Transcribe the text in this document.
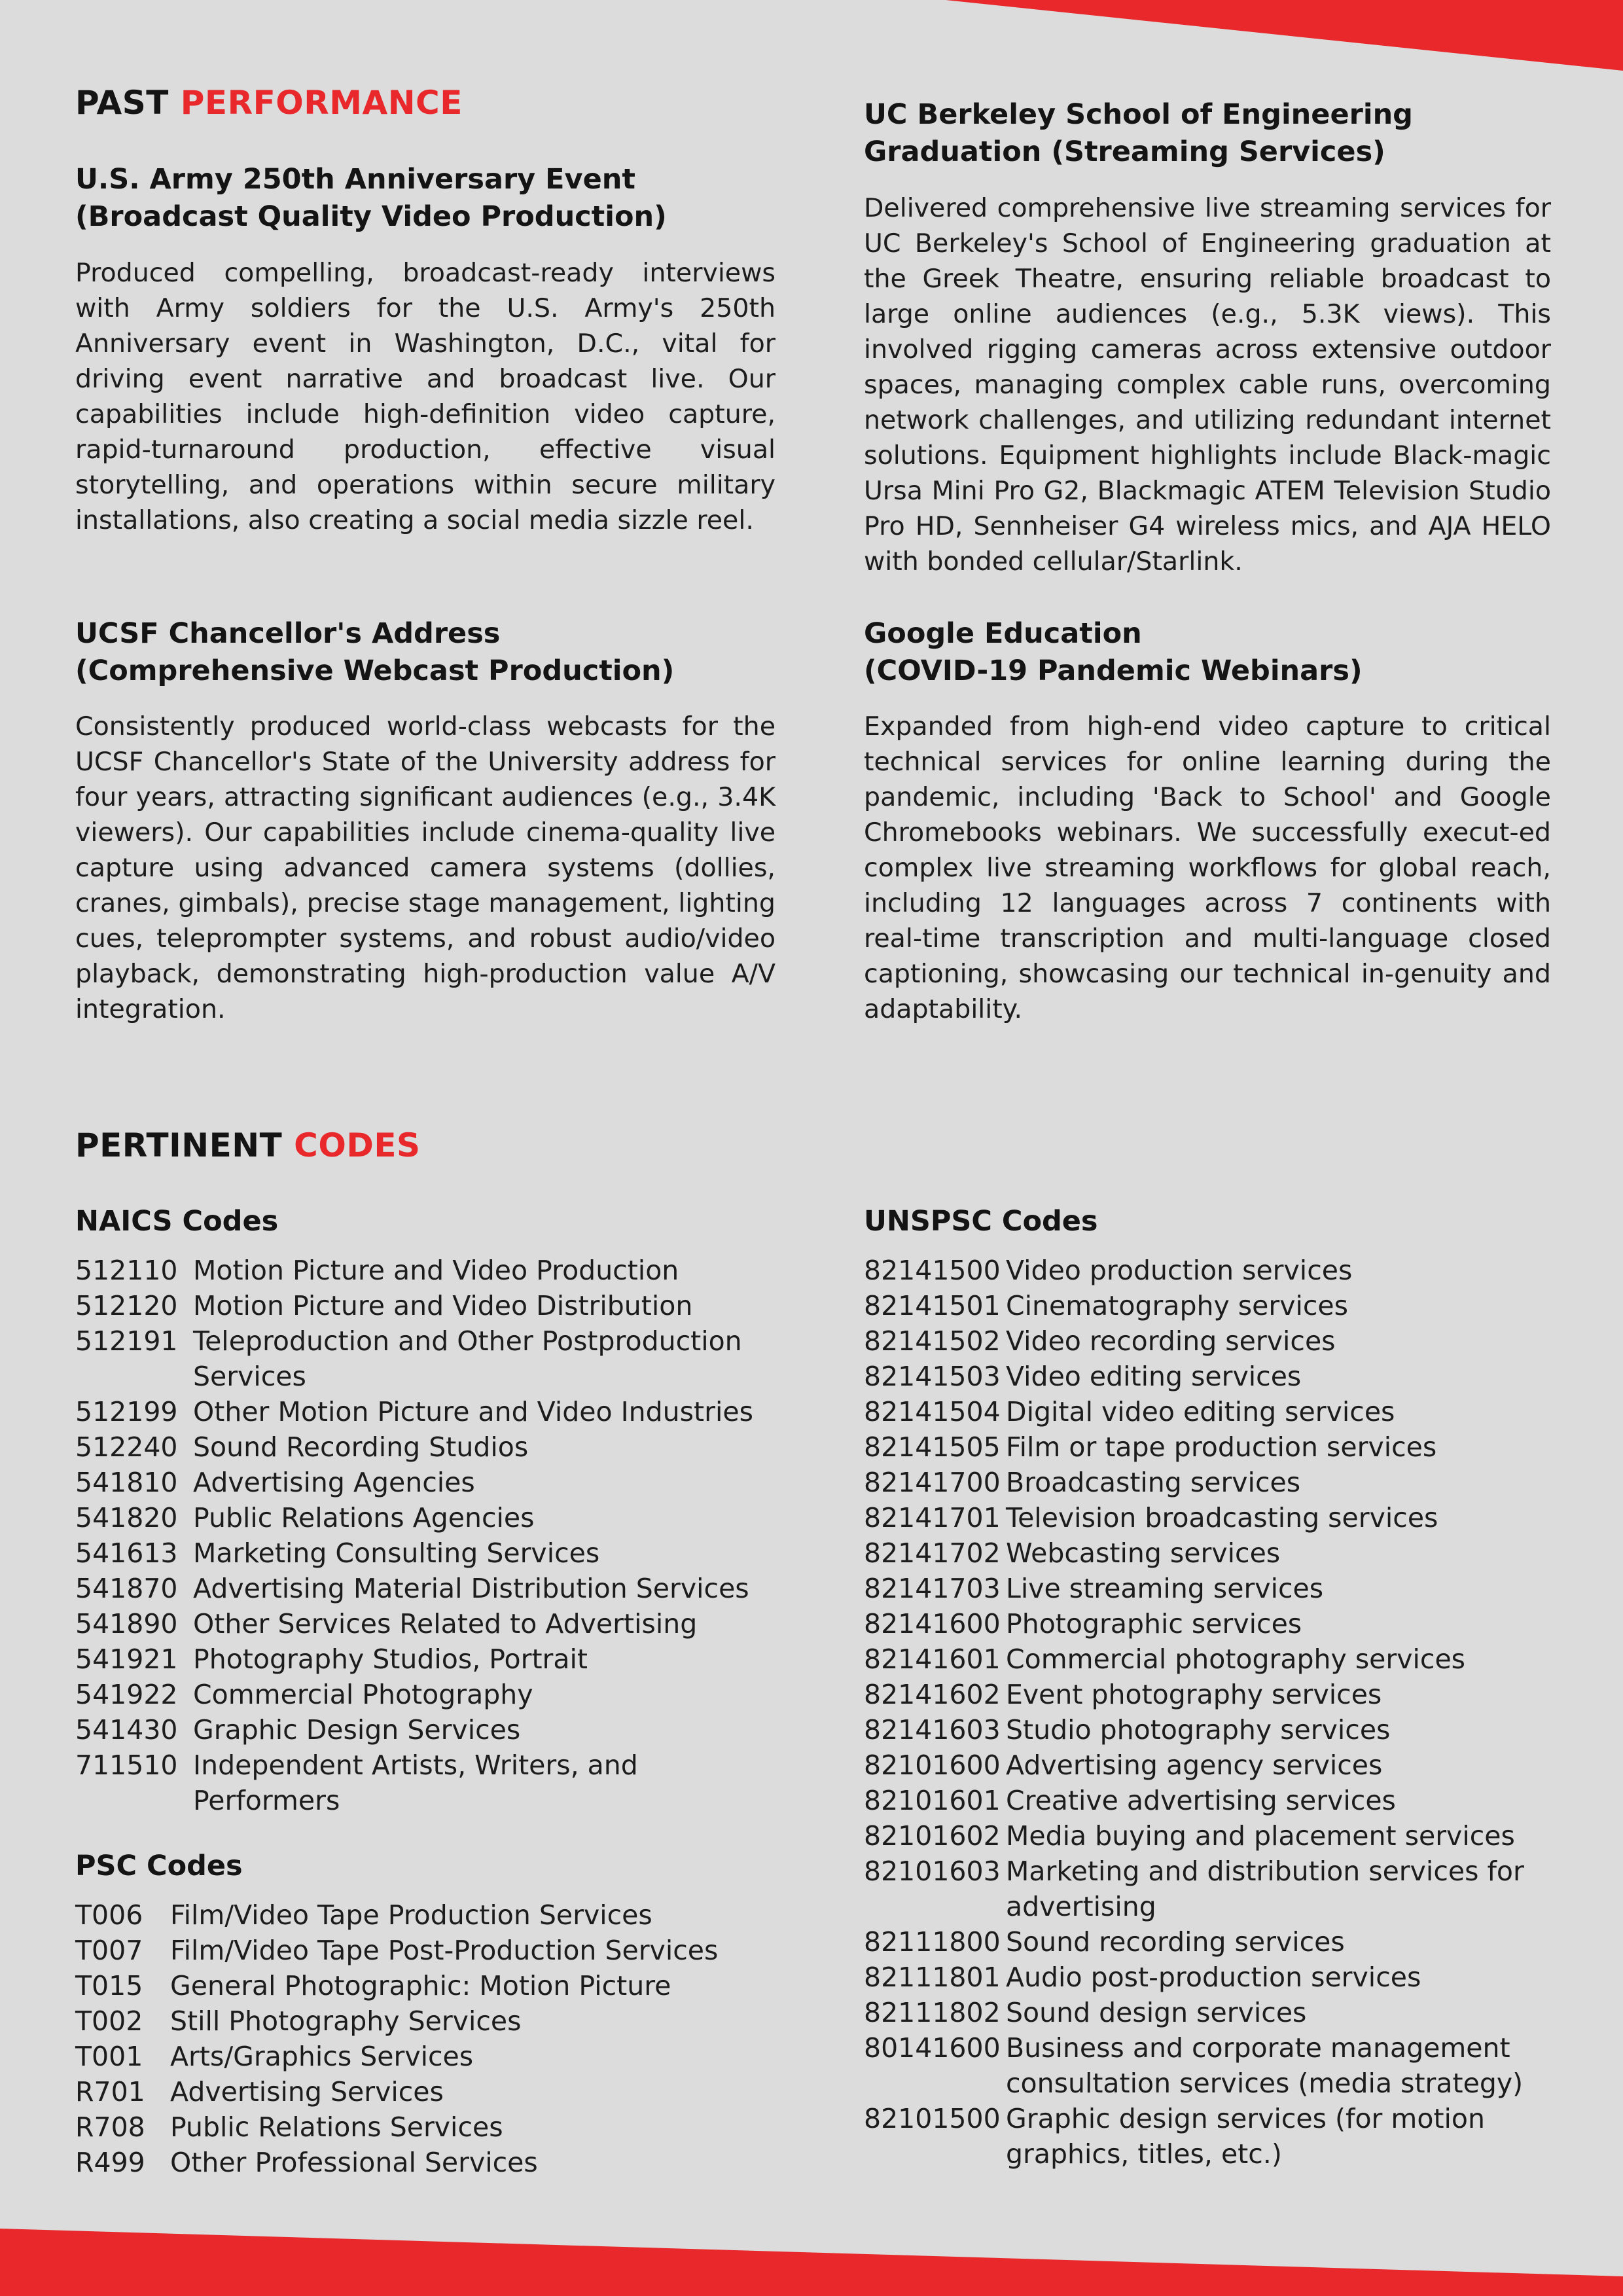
PAST PERFORMANCE
U.S. Army 250th Anniversary Event
(Broadcast Quality Video Production)

Produced compelling, broadcast-ready interviews with Army soldiers for the U.S. Army's 250th Anniversary event in Washington, D.C., vital for driving event narrative and broadcast live. Our capabilities include high-definition video capture, rapid-turnaround production, effective visual storytelling, and operations within secure military installations, also creating a social media sizzle reel.

UCSF Chancellor's Address
(Comprehensive Webcast Production)

Consistently produced world-class webcasts for the UCSF Chancellor's State of the University address for four years, attracting significant audiences (e.g., 3.4K viewers). Our capabilities include cinema-quality live capture using advanced camera systems (dollies, cranes, gimbals), precise stage management, lighting cues, teleprompter systems, and robust audio/video playback, demonstrating high-production value A/V integration.

UC Berkeley School of Engineering
Graduation (Streaming Services)

Delivered comprehensive live streaming services for UC Berkeley's School of Engineering graduation at the Greek Theatre, ensuring reliable broadcast to large online audiences (e.g., 5.3K views). This involved rigging cameras across extensive outdoor spaces, managing complex cable runs, overcoming network challenges, and utilizing redundant internet solutions. Equipment highlights include Black-magic Ursa Mini Pro G2, Blackmagic ATEM Television Studio Pro HD, Sennheiser G4 wireless mics, and AJA HELO with bonded cellular/Starlink.

Google Education
(COVID-19 Pandemic Webinars)

Expanded from high-end video capture to critical technical services for online learning during the pandemic, including 'Back to School' and Google Chromebooks webinars. We successfully execut-ed complex live streaming workflows for global reach, including 12 languages across 7 continents with real-time transcription and multi-language closed captioning, showcasing our technical in-genuity and adaptability.

PERTINENT CODES
NAICS Codes
512110 Motion Picture and Video Production
512120 Motion Picture and Video Distribution
512191 Teleproduction and Other Postproduction Services
512199 Other Motion Picture and Video Industries
512240 Sound Recording Studios
541810 Advertising Agencies
541820 Public Relations Agencies
541613 Marketing Consulting Services
541870 Advertising Material Distribution Services
541890 Other Services Related to Advertising
541921 Photography Studios, Portrait
541922 Commercial Photography
541430 Graphic Design Services
711510 Independent Artists, Writers, and Performers
PSC Codes
T006	Film/Video Tape Production Services
T007	Film/Video Tape Post-Production Services
T015	General Photographic: Motion Picture
T002	Still Photography Services
T001	Arts/Graphics Services
R701 Advertising Services
R708 Public Relations Services
R499 Other Professional Services
UNSPSC Codes
82141500 Video production services
82141501 Cinematography services
82141502 Video recording services
82141503 Video editing services
82141504 Digital video editing services
82141505 Film or tape production services
82141700 Broadcasting services
82141701 Television broadcasting services
82141702 Webcasting services
82141703 Live streaming services
82141600 Photographic services
82141601 Commercial photography services
82141602 Event photography services
82141603 Studio photography services
82101600 Advertising agency services
82101601 Creative advertising services
82101602 Media buying and placement services
82101603 Marketing and distribution services for advertising
82111800 Sound recording services
82111801 Audio post-production services
82111802 Sound design services
80141600 Business and corporate management consultation services (media strategy)
82101500 Graphic design services (for motion graphics, titles, etc.)
